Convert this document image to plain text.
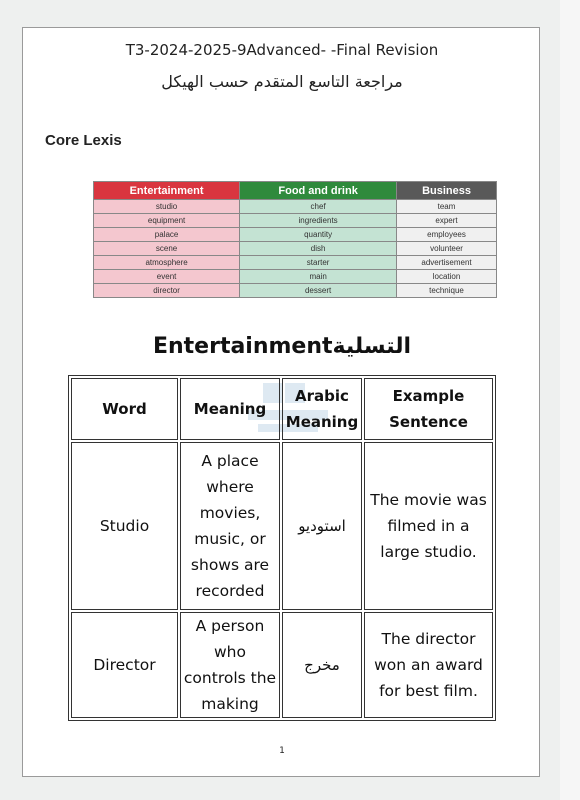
T3-2024-2025-9Advanced- -Final Revision
مراجعة التاسع المتقدم حسب الهيكل
Core Lexis
Entertainment	Food and drink	Business
studio	chef	team
equipment	ingredients	expert
palace	quantity	employees
scene	dish	volunteer
atmosphere	starter	advertisement
event	main	location
director	dessert	technique
Entertainmentالتسلية
Word	Meaning	Arabic Meaning	Example Sentence
Studio	A place where movies, music, or shows are recorded	استوديو	The movie was filmed in a large studio.
Director	A person who controls the making	مخرج	The director won an award for best film.
1
